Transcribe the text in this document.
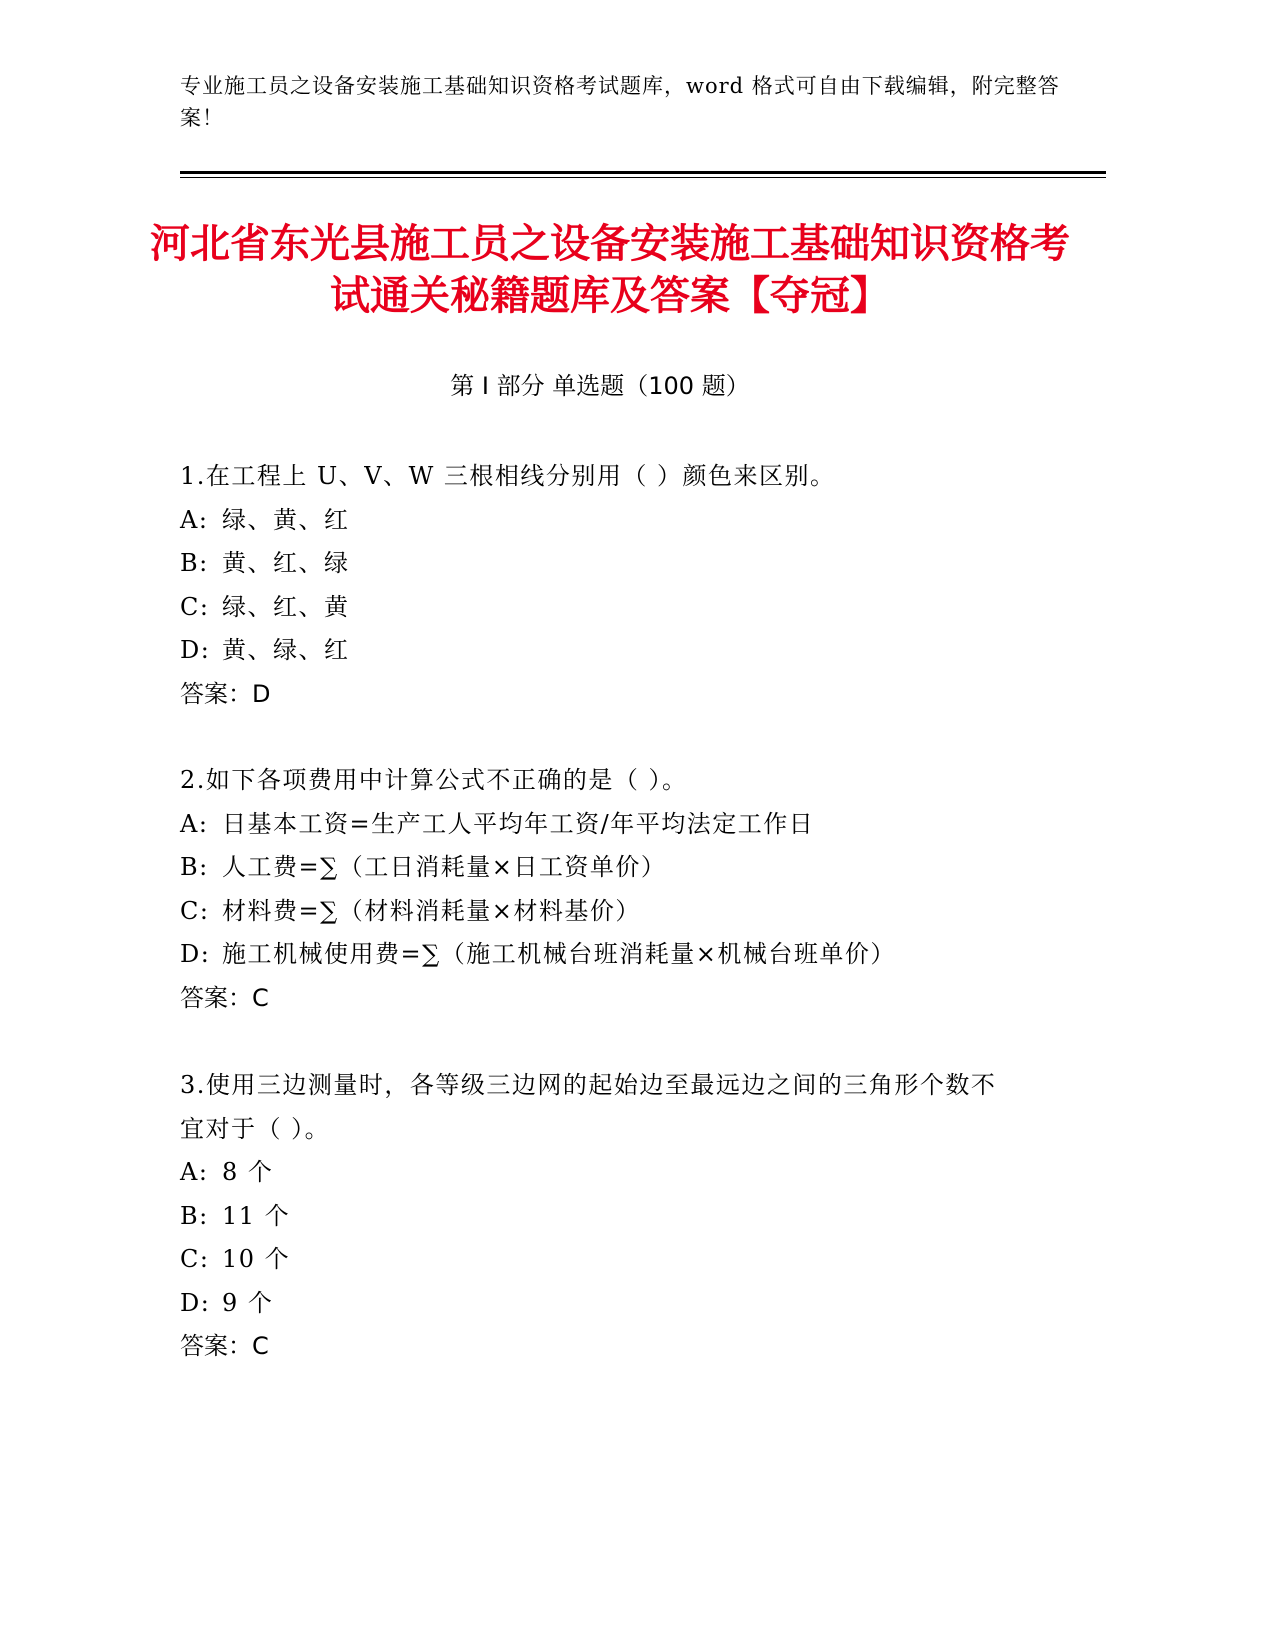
专业施工员之设备安装施工基础知识资格考试题库，word 格式可自由下载编辑，附完整答案！
河北省东光县施工员之设备安装施工基础知识资格考试通关秘籍题库及答案【夺冠】
第 I 部分 单选题（100 题）
1.在工程上 U、V、W 三根相线分别用（ ）颜色来区别。
A: 绿、黄、红
B: 黄、红、绿
C: 绿、红、黄
D: 黄、绿、红
答案：D
2.如下各项费用中计算公式不正确的是（ ）。
A: 日基本工资=生产工人平均年工资/年平均法定工作日
B: 人工费=∑（工日消耗量×日工资单价）
C: 材料费=∑（材料消耗量×材料基价）
D: 施工机械使用费=∑（施工机械台班消耗量×机械台班单价）
答案：C
3.使用三边测量时，各等级三边网的起始边至最远边之间的三角形个数不宜对于（ ）。
A: 8 个
B: 11 个
C: 10 个
D: 9 个
答案：C
